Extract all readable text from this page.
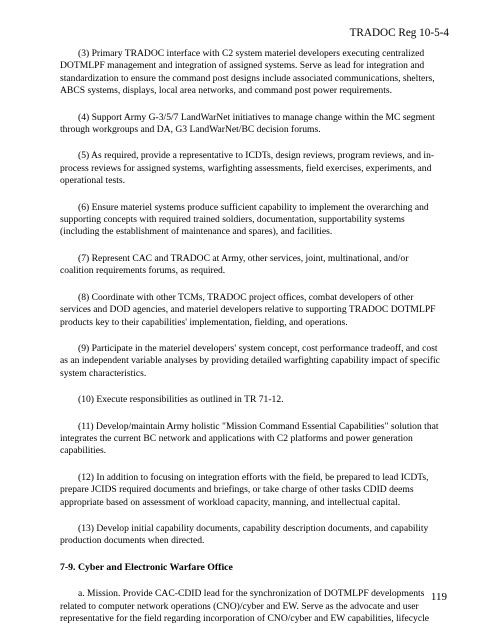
TRADOC Reg 10-5-4

(3) Primary TRADOC interface with C2 system materiel developers executing centralized DOTMLPF management and integration of assigned systems. Serve as lead for integration and standardization to ensure the command post designs include associated communications, shelters, ABCS systems, displays, local area networks, and command post power requirements.

(4) Support Army G-3/5/7 LandWarNet initiatives to manage change within the MC segment through workgroups and DA, G3 LandWarNet/BC decision forums.

(5) As required, provide a representative to ICDTs, design reviews, program reviews, and in-process reviews for assigned systems, warfighting assessments, field exercises, experiments, and operational tests.

(6) Ensure materiel systems produce sufficient capability to implement the overarching and supporting concepts with required trained soldiers, documentation, supportability systems (including the establishment of maintenance and spares), and facilities.

(7) Represent CAC and TRADOC at Army, other services, joint, multinational, and/or coalition requirements forums, as required.

(8) Coordinate with other TCMs, TRADOC project offices, combat developers of other services and DOD agencies, and materiel developers relative to supporting TRADOC DOTMLPF products key to their capabilities' implementation, fielding, and operations.

(9) Participate in the materiel developers' system concept, cost performance tradeoff, and cost as an independent variable analyses by providing detailed warfighting capability impact of specific system characteristics.

(10) Execute responsibilities as outlined in TR 71-12.

(11) Develop/maintain Army holistic "Mission Command Essential Capabilities" solution that integrates the current BC network and applications with C2 platforms and power generation capabilities.

(12) In addition to focusing on integration efforts with the field, be prepared to lead ICDTs, prepare JCIDS required documents and briefings, or take charge of other tasks CDID deems appropriate based on assessment of workload capacity, manning, and intellectual capital.

(13) Develop initial capability documents, capability description documents, and capability production documents when directed.

7-9. Cyber and Electronic Warfare Office

a. Mission. Provide CAC-CDID lead for the synchronization of DOTMLPF developments related to computer network operations (CNO)/cyber and EW. Serve as the advocate and user representative for the field regarding incorporation of CNO/cyber and EW capabilities, lifecycle

119
